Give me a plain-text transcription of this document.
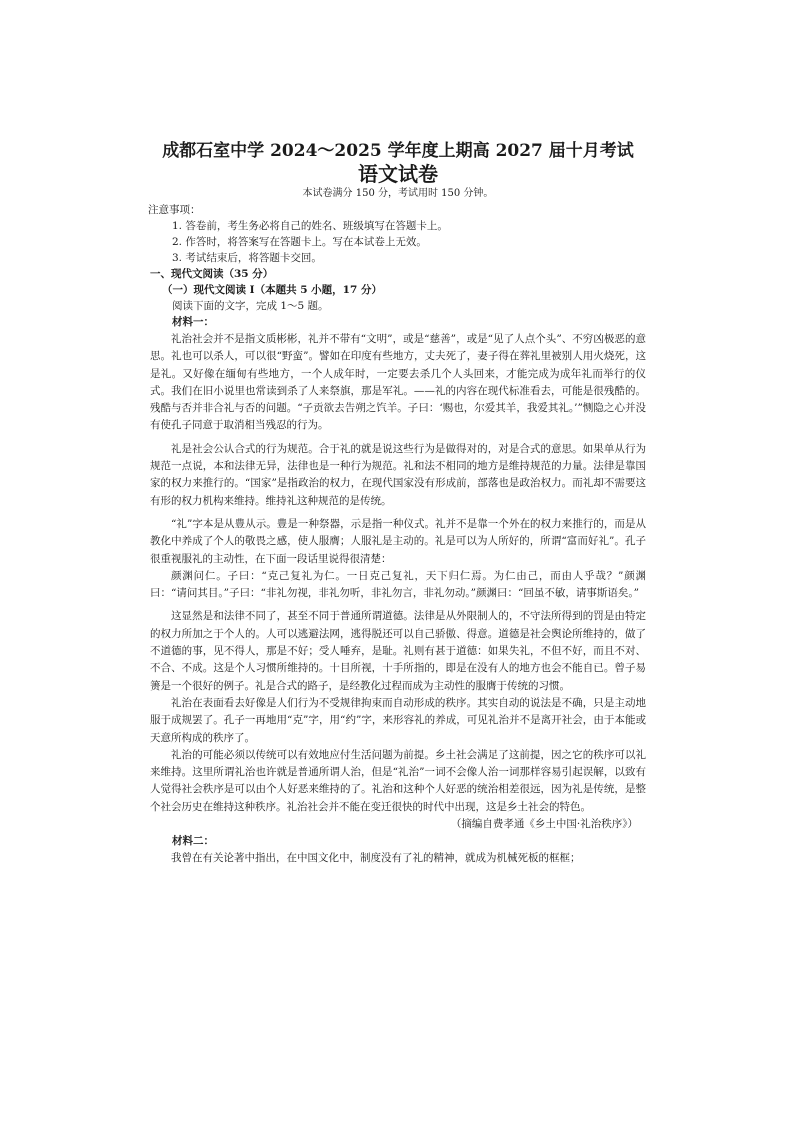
成都石室中学 2024～2025 学年度上期高 2027 届十月考试

语文试卷

本试卷满分 150 分，考试用时 150 分钟。

注意事项：

1. 答卷前，考生务必将自己的姓名、班级填写在答题卡上。

2. 作答时，将答案写在答题卡上。写在本试卷上无效。

3. 考试结束后，将答题卡交回。

一、现代文阅读（35 分）

（一）现代文阅读 I（本题共 5 小题，17 分）

阅读下面的文字，完成 1～5 题。

材料一：

礼治社会并不是指文质彬彬，礼并不带有“文明”，或是“慈善”，或是“见了人点个头”、不穷凶极恶的意思。礼也可以杀人，可以很“野蛮”。譬如在印度有些地方，丈夫死了，妻子得在葬礼里被别人用火烧死，这是礼。又好像在缅甸有些地方，一个人成年时，一定要去杀几个人头回来，才能完成为成年礼而举行的仪式。我们在旧小说里也常读到杀了人来祭旗，那是军礼。——礼的内容在现代标准看去，可能是很残酷的。残酷与否并非合礼与否的问题。“子贡欲去告朔之饩羊。子曰：‘赐也，尔爱其羊，我爱其礼。’”恻隐之心并没有使孔子同意于取消相当残忍的行为。

礼是社会公认合式的行为规范。合于礼的就是说这些行为是做得对的，对是合式的意思。如果单从行为规范一点说，本和法律无异，法律也是一种行为规范。礼和法不相同的地方是维持规范的力量。法律是靠国家的权力来推行的。“国家”是指政治的权力，在现代国家没有形成前，部落也是政治权力。而礼却不需要这有形的权力机构来维持。维持礼这种规范的是传统。

“礼”字本是从豊从示。豊是一种祭器，示是指一种仪式。礼并不是靠一个外在的权力来推行的，而是从教化中养成了个人的敬畏之感，使人服膺；人服礼是主动的。礼是可以为人所好的，所谓“富而好礼”。孔子很重视服礼的主动性，在下面一段话里说得很清楚：

颜渊问仁。子曰：“克己复礼为仁。一日克己复礼，天下归仁焉。为仁由己，而由人乎哉？”颜渊曰：“请问其目。”子曰：“非礼勿视，非礼勿听，非礼勿言，非礼勿动。”颜渊曰：“回虽不敏，请事斯语矣。”

这显然是和法律不同了，甚至不同于普通所谓道德。法律是从外限制人的，不守法所得到的罚是由特定的权力所加之于个人的。人可以逃避法网，逃得脱还可以自己骄傲、得意。道德是社会舆论所维持的，做了不道德的事，见不得人，那是不好；受人唾弃，是耻。礼则有甚于道德：如果失礼，不但不好，而且不对、不合、不成。这是个人习惯所维持的。十目所视，十手所指的，即是在没有人的地方也会不能自已。曾子易箦是一个很好的例子。礼是合式的路子，是经教化过程而成为主动性的服膺于传统的习惯。

礼治在表面看去好像是人们行为不受规律拘束而自动形成的秩序。其实自动的说法是不确，只是主动地服于成规罢了。孔子一再地用“克”字，用“约”字，来形容礼的养成，可见礼治并不是离开社会，由于本能或天意所构成的秩序了。

礼治的可能必须以传统可以有效地应付生活问题为前提。乡土社会满足了这前提，因之它的秩序可以礼来维持。这里所谓礼治也许就是普通所谓人治，但是“礼治”一词不会像人治一词那样容易引起误解，以致有人觉得社会秩序是可以由个人好恶来维持的了。礼治和这种个人好恶的统治相差很远，因为礼是传统，是整个社会历史在维持这种秩序。礼治社会并不能在变迁很快的时代中出现，这是乡土社会的特色。

（摘编自费孝通《乡土中国·礼治秩序》）

材料二：

我曾在有关论著中指出，在中国文化中，制度没有了礼的精神，就成为机械死板的框框；
